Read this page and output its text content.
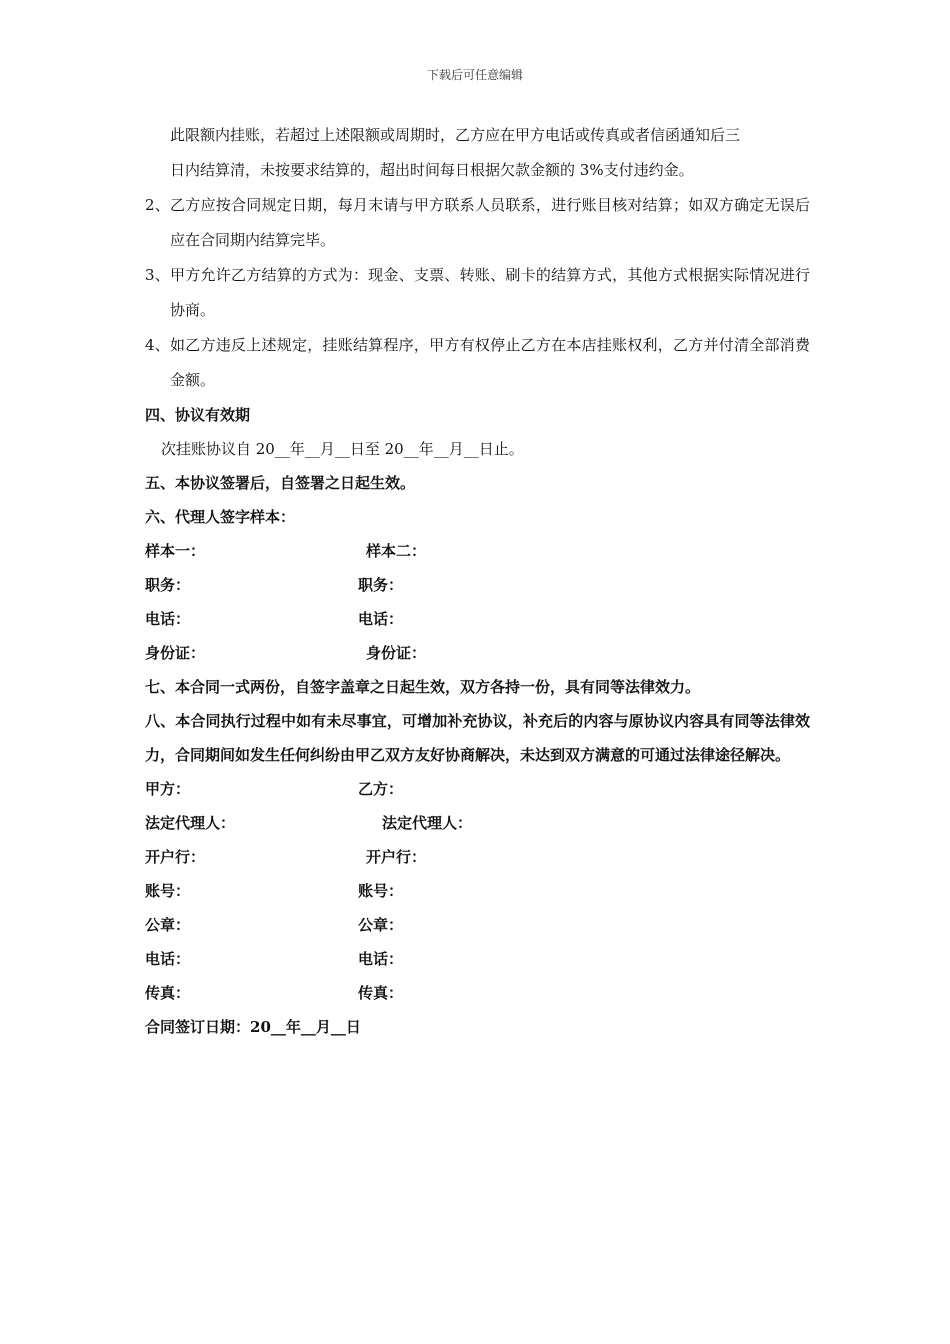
下载后可任意编辑

此限额内挂账，若超过上述限额或周期时，乙方应在甲方电话或传真或者信函通知后三

日内结算清，未按要求结算的，超出时间每日根据欠款金额的 3%支付违约金。

2、乙方应按合同规定日期，每月末请与甲方联系人员联系，进行账目核对结算；如双方确定无误后应在合同期内结算完毕。

3、甲方允许乙方结算的方式为：现金、支票、转账、刷卡的结算方式，其他方式根据实际情况进行协商。

4、如乙方违反上述规定，挂账结算程序，甲方有权停止乙方在本店挂账权利，乙方并付清全部消费金额。

四、协议有效期

次挂账协议自 20__年__月__日至 20__年__月__日止。

五、本协议签署后，自签署之日起生效。

六、代理人签字样本：

样本一：	样本二：
职务：	职务：
电话：	电话：
身份证：	身份证：

七、本合同一式两份，自签字盖章之日起生效，双方各持一份，具有同等法律效力。

八、本合同执行过程中如有未尽事宜，可增加补充协议，补充后的内容与原协议内容具有同等法律效力，合同期间如发生任何纠纷由甲乙双方友好协商解决，未达到双方满意的可通过法律途径解决。

甲方：	乙方：
法定代理人：	法定代理人：
开户行：	开户行：
账号：	账号：
公章：	公章：
电话：	电话：
传真：	传真：

合同签订日期：20__年__月__日
